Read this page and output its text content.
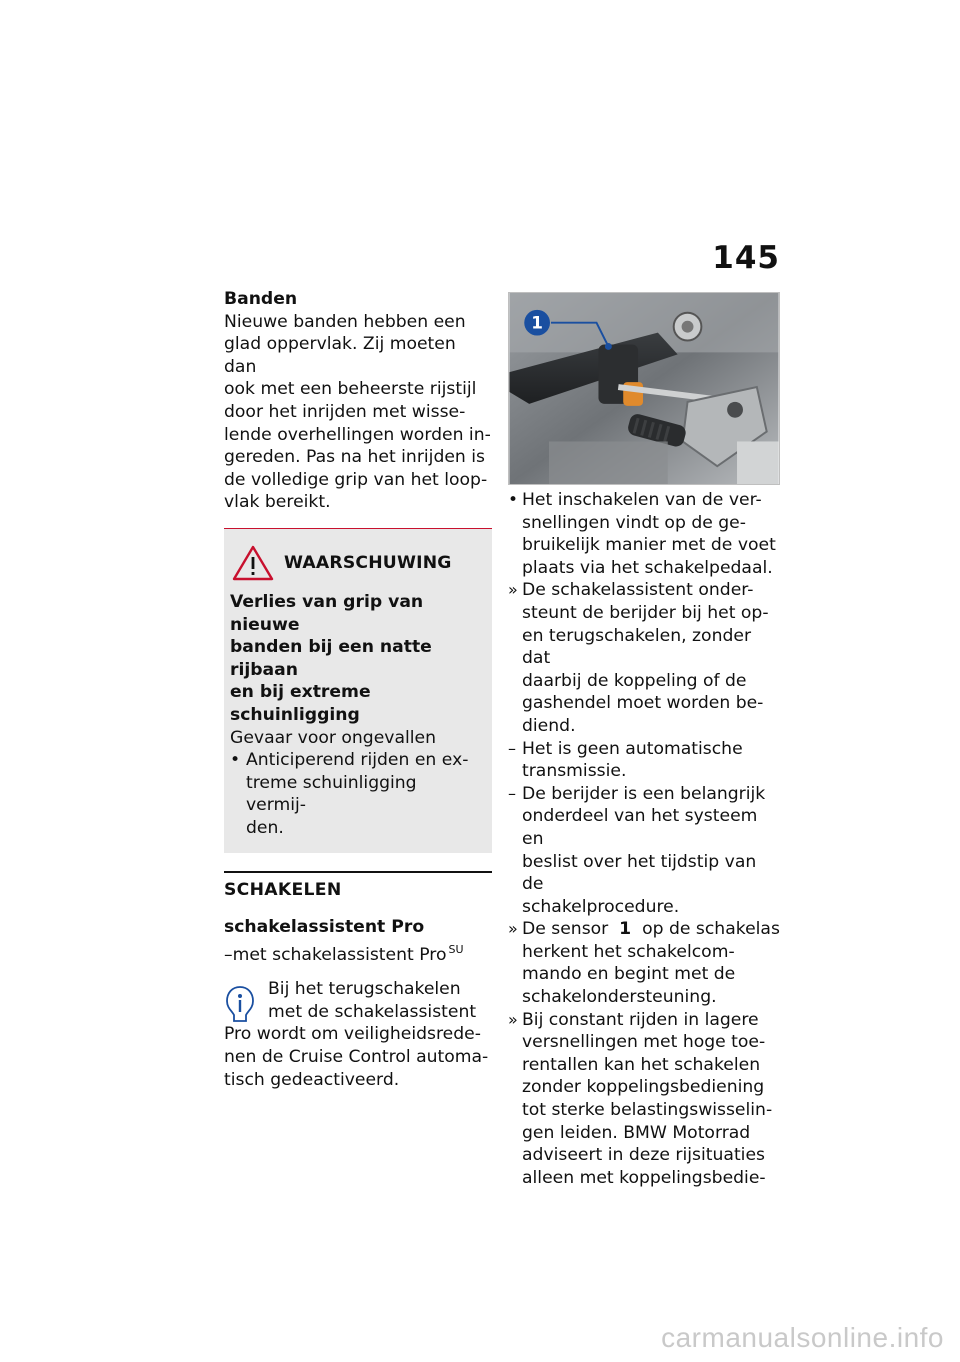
145
Banden
Nieuwe banden hebben een
glad oppervlak. Zij moeten dan
ook met een beheerste rijstijl
door het inrijden met wisse-
lende overhellingen worden in-
gereden. Pas na het inrijden is
de volledige grip van het loop-
vlak bereikt.
WAARSCHUWING
Verlies van grip van nieuwe
banden bij een natte rijbaan
en bij extreme schuinligging
Gevaar voor ongevallen
• Anticiperend rijden en ex-
treme schuinligging vermij-
den.
SCHAKELEN
schakelassistent Pro
–met schakelassistent Pro $^{SU}$
Bij het terugschakelen
met de schakelassistent
Pro wordt om veiligheidsrede-
nen de Cruise Control automa-
tisch gedeactiveerd.
1
• Het inschakelen van de ver-
snellingen vindt op de ge-
bruikelijk manier met de voet
plaats via het schakelpedaal.
» De schakelassistent onder-
steunt de berijder bij het op-
en terugschakelen, zonder dat
daarbij de koppeling of de
gashendel moet worden be-
diend.
– Het is geen automatische
transmissie.
– De berijder is een belangrijk
onderdeel van het systeem en
beslist over het tijdstip van de
schakelprocedure.
» De sensor  1  op de schakelas
herkent het schakelcom-
mando en begint met de
schakelondersteuning.
» Bij constant rijden in lagere
versnellingen met hoge toe-
rentallen kan het schakelen
zonder koppelingsbediening
tot sterke belastingswisselin-
gen leiden. BMW Motorrad
adviseert in deze rijsituaties
alleen met koppelingsbedie-
carmanualsonline.info
